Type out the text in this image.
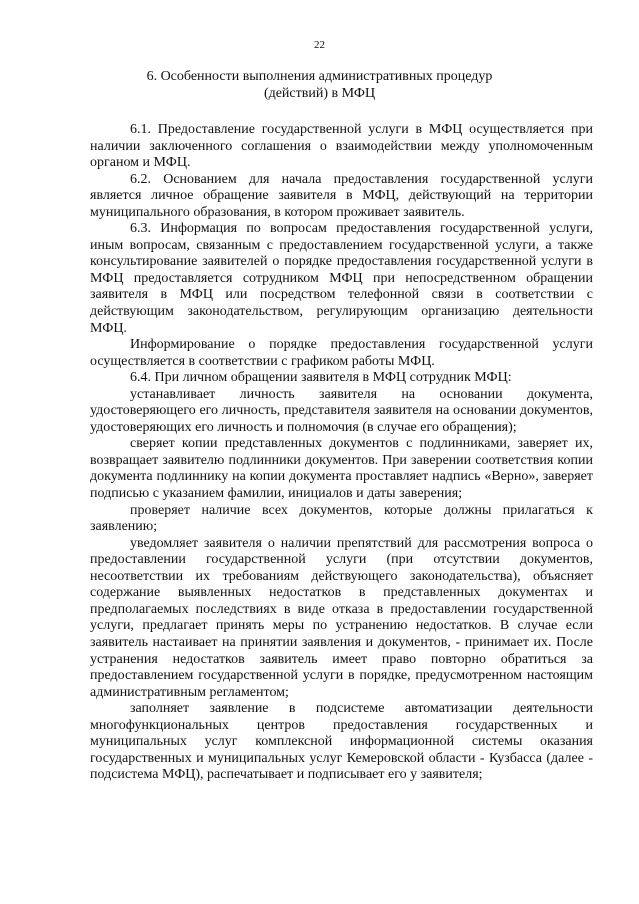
22
6. Особенности выполнения административных процедур
(действий) в МФЦ

6.1. Предоставление государственной услуги в МФЦ осуществляется при наличии заключенного соглашения о взаимодействии между уполномоченным органом и МФЦ.

6.2. Основанием для начала предоставления государственной услуги является личное обращение заявителя в МФЦ, действующий на территории муниципального образования, в котором проживает заявитель.

6.3. Информация по вопросам предоставления государственной услуги, иным вопросам, связанным с предоставлением государственной услуги, а также консультирование заявителей о порядке предоставления государственной услуги в МФЦ предоставляется сотрудником МФЦ при непосредственном обращении заявителя в МФЦ или посредством телефонной связи в соответствии с действующим законодательством, регулирующим организацию деятельности МФЦ.

Информирование о порядке предоставления государственной услуги осуществляется в соответствии с графиком работы МФЦ.

6.4. При личном обращении заявителя в МФЦ сотрудник МФЦ:

устанавливает личность заявителя на основании документа, удостоверяющего его личность, представителя заявителя на основании документов, удостоверяющих его личность и полномочия (в случае его обращения);

сверяет копии представленных документов с подлинниками, заверяет их, возвращает заявителю подлинники документов. При заверении соответствия копии документа подлиннику на копии документа проставляет надпись «Верно», заверяет подписью с указанием фамилии, инициалов и даты заверения;

проверяет наличие всех документов, которые должны прилагаться к заявлению;

уведомляет заявителя о наличии препятствий для рассмотрения вопроса о предоставлении государственной услуги (при отсутствии документов, несоответствии их требованиям действующего законодательства), объясняет содержание выявленных недостатков в представленных документах и предполагаемых последствиях в виде отказа в предоставлении государственной услуги, предлагает принять меры по устранению недостатков. В случае если заявитель настаивает на принятии заявления и документов, - принимает их. После устранения недостатков заявитель имеет право повторно обратиться за предоставлением государственной услуги в порядке, предусмотренном настоящим административным регламентом;

заполняет заявление в подсистеме автоматизации деятельности многофункциональных центров предоставления государственных и муниципальных услуг комплексной информационной системы оказания государственных и муниципальных услуг Кемеровской области - Кузбасса (далее - подсистема МФЦ), распечатывает и подписывает его у заявителя;
